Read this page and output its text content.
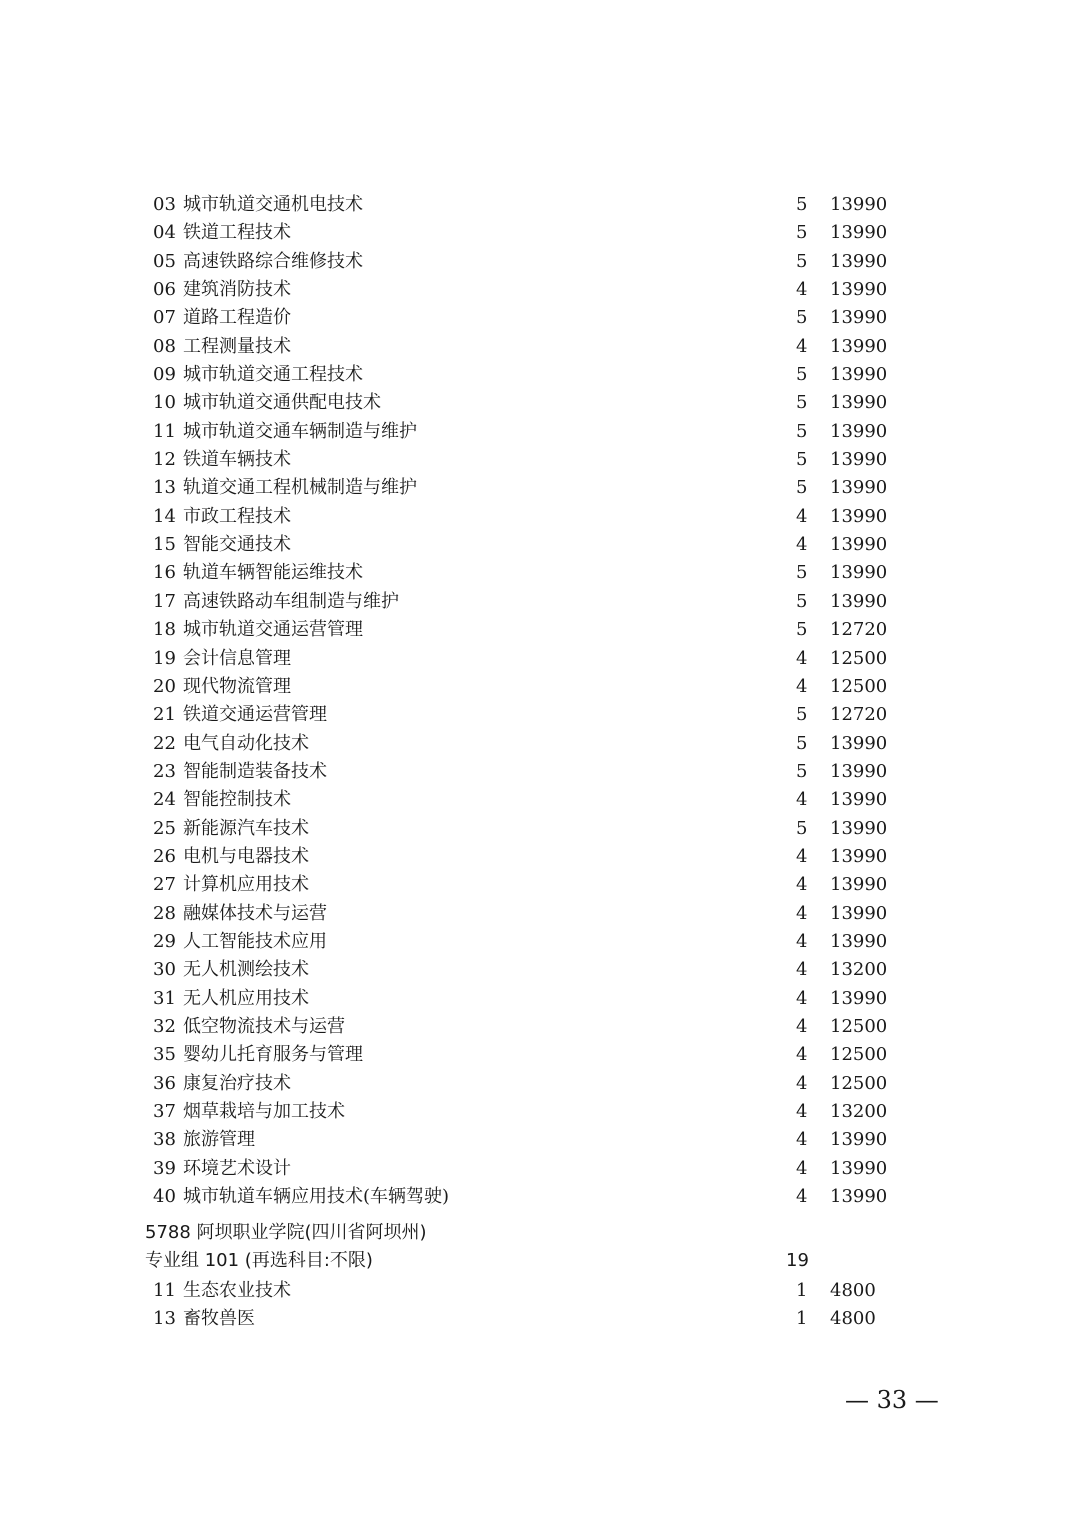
03 城市轨道交通机电技术	5 13990
04 铁道工程技术	5 13990
05 高速铁路综合维修技术	5 13990
06 建筑消防技术	4 13990
07 道路工程造价	5 13990
08 工程测量技术	4 13990
09 城市轨道交通工程技术	5 13990
10 城市轨道交通供配电技术	5 13990
11 城市轨道交通车辆制造与维护	5 13990
12 铁道车辆技术	5 13990
13 轨道交通工程机械制造与维护	5 13990
14 市政工程技术	4 13990
15 智能交通技术	4 13990
16 轨道车辆智能运维技术	5 13990
17 高速铁路动车组制造与维护	5 13990
18 城市轨道交通运营管理	5 12720
19 会计信息管理	4 12500
20 现代物流管理	4 12500
21 铁道交通运营管理	5 12720
22 电气自动化技术	5 13990
23 智能制造装备技术	5 13990
24 智能控制技术	4 13990
25 新能源汽车技术	5 13990
26 电机与电器技术	4 13990
27 计算机应用技术	4 13990
28 融媒体技术与运营	4 13990
29 人工智能技术应用	4 13990
30 无人机测绘技术	4 13200
31 无人机应用技术	4 13990
32 低空物流技术与运营	4 12500
35 婴幼儿托育服务与管理	4 12500
36 康复治疗技术	4 12500
37 烟草栽培与加工技术	4 13200
38 旅游管理	4 13990
39 环境艺术设计	4 13990
40 城市轨道车辆应用技术(车辆驾驶)	4 13990
5788 阿坝职业学院(四川省阿坝州)
专业组 101 (再选科目:不限)	19
11 生态农业技术	1 4800
13 畜牧兽医	1 4800
— 33 —
